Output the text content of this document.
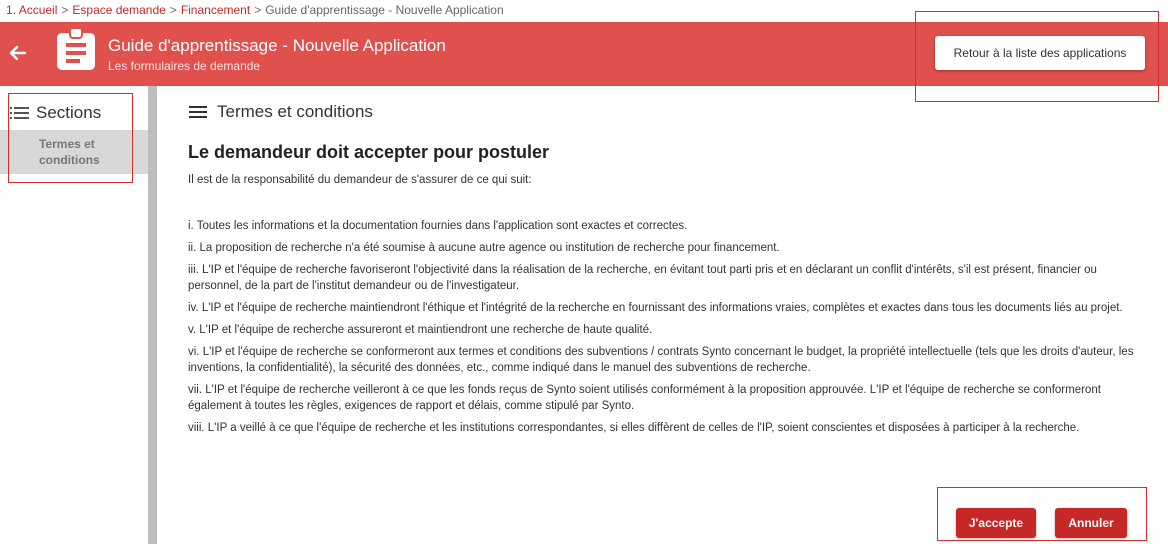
1. Accueil > Espace demande > Financement > Guide d'apprentissage - Nouvelle Application
Guide d'apprentissage - Nouvelle Application
Les formulaires de demande
Retour à la liste des applications
Sections
Termes et conditions
Termes et conditions
Le demandeur doit accepter pour postuler
Il est de la responsabilité du demandeur de s'assurer de ce qui suit:
i. Toutes les informations et la documentation fournies dans l'application sont exactes et correctes.
ii. La proposition de recherche n'a été soumise à aucune autre agence ou institution de recherche pour financement.
iii. L'IP et l'équipe de recherche favoriseront l'objectivité dans la réalisation de la recherche, en évitant tout parti pris et en déclarant un conflit d'intérêts, s'il est présent, financier ou personnel, de la part de l'institut demandeur ou de l'investigateur.
iv. L'IP et l'équipe de recherche maintiendront l'éthique et l'intégrité de la recherche en fournissant des informations vraies, complètes et exactes dans tous les documents liés au projet.
v. L'IP et l'équipe de recherche assureront et maintiendront une recherche de haute qualité.
vi. L'IP et l'équipe de recherche se conformeront aux termes et conditions des subventions / contrats Synto concernant le budget, la propriété intellectuelle (tels que les droits d'auteur, les inventions, la confidentialité), la sécurité des données, etc., comme indiqué dans le manuel des subventions de recherche.
vii. L'IP et l'équipe de recherche veilleront à ce que les fonds reçus de Synto soient utilisés conformément à la proposition approuvée. L'IP et l'équipe de recherche se conformeront également à toutes les règles, exigences de rapport et délais, comme stipulé par Synto.
viii. L'IP a veillé à ce que l'équipe de recherche et les institutions correspondantes, si elles diffèrent de celles de l'IP, soient conscientes et disposées à participer à la recherche.
J'accepte	Annuler
